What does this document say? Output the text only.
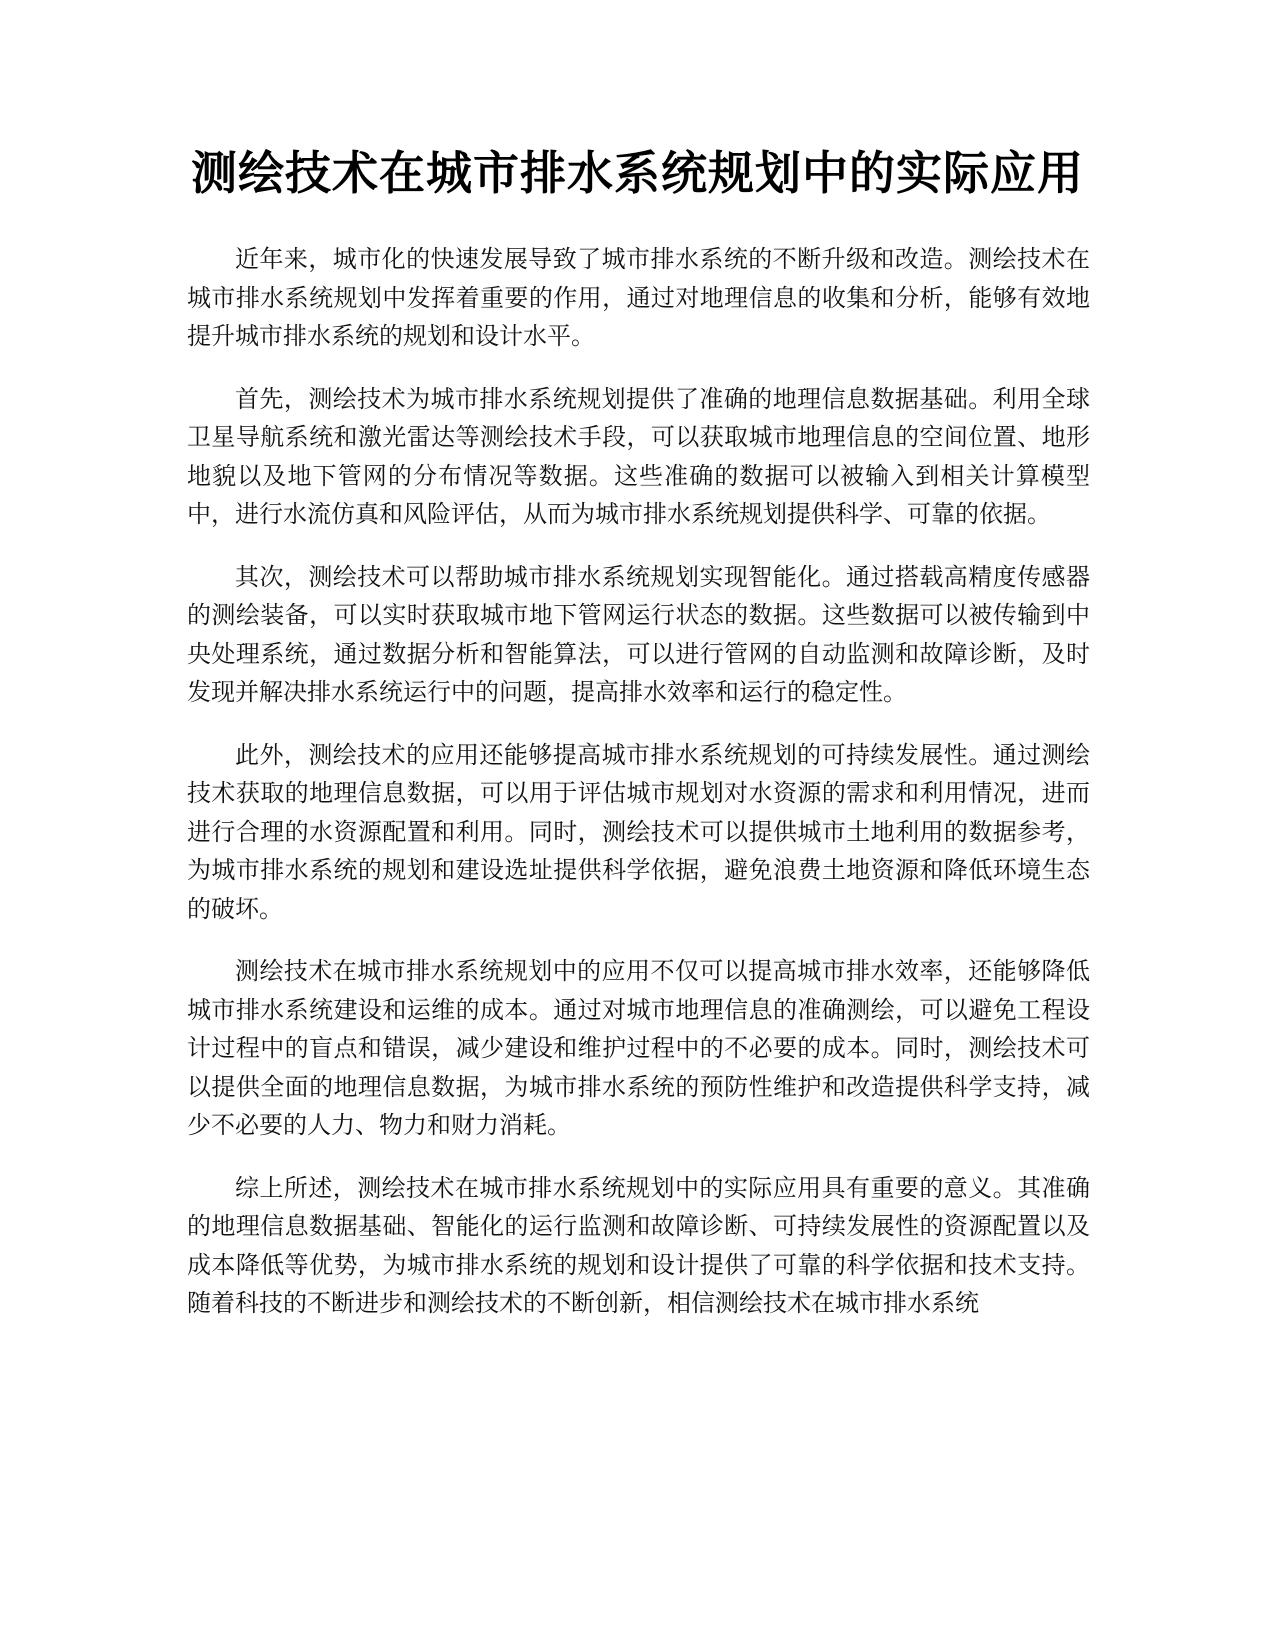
测绘技术在城市排水系统规划中的实际应用

近年来，城市化的快速发展导致了城市排水系统的不断升级和改造。测绘技术在城市排水系统规划中发挥着重要的作用，通过对地理信息的收集和分析，能够有效地提升城市排水系统的规划和设计水平。

首先，测绘技术为城市排水系统规划提供了准确的地理信息数据基础。利用全球卫星导航系统和激光雷达等测绘技术手段，可以获取城市地理信息的空间位置、地形地貌以及地下管网的分布情况等数据。这些准确的数据可以被输入到相关计算模型中，进行水流仿真和风险评估，从而为城市排水系统规划提供科学、可靠的依据。

其次，测绘技术可以帮助城市排水系统规划实现智能化。通过搭载高精度传感器的测绘装备，可以实时获取城市地下管网运行状态的数据。这些数据可以被传输到中央处理系统，通过数据分析和智能算法，可以进行管网的自动监测和故障诊断，及时发现并解决排水系统运行中的问题，提高排水效率和运行的稳定性。

此外，测绘技术的应用还能够提高城市排水系统规划的可持续发展性。通过测绘技术获取的地理信息数据，可以用于评估城市规划对水资源的需求和利用情况，进而进行合理的水资源配置和利用。同时，测绘技术可以提供城市土地利用的数据参考，为城市排水系统的规划和建设选址提供科学依据，避免浪费土地资源和降低环境生态的破坏。

测绘技术在城市排水系统规划中的应用不仅可以提高城市排水效率，还能够降低城市排水系统建设和运维的成本。通过对城市地理信息的准确测绘，可以避免工程设计过程中的盲点和错误，减少建设和维护过程中的不必要的成本。同时，测绘技术可以提供全面的地理信息数据，为城市排水系统的预防性维护和改造提供科学支持，减少不必要的人力、物力和财力消耗。

综上所述，测绘技术在城市排水系统规划中的实际应用具有重要的意义。其准确的地理信息数据基础、智能化的运行监测和故障诊断、可持续发展性的资源配置以及成本降低等优势，为城市排水系统的规划和设计提供了可靠的科学依据和技术支持。随着科技的不断进步和测绘技术的不断创新，相信测绘技术在城市排水系统
